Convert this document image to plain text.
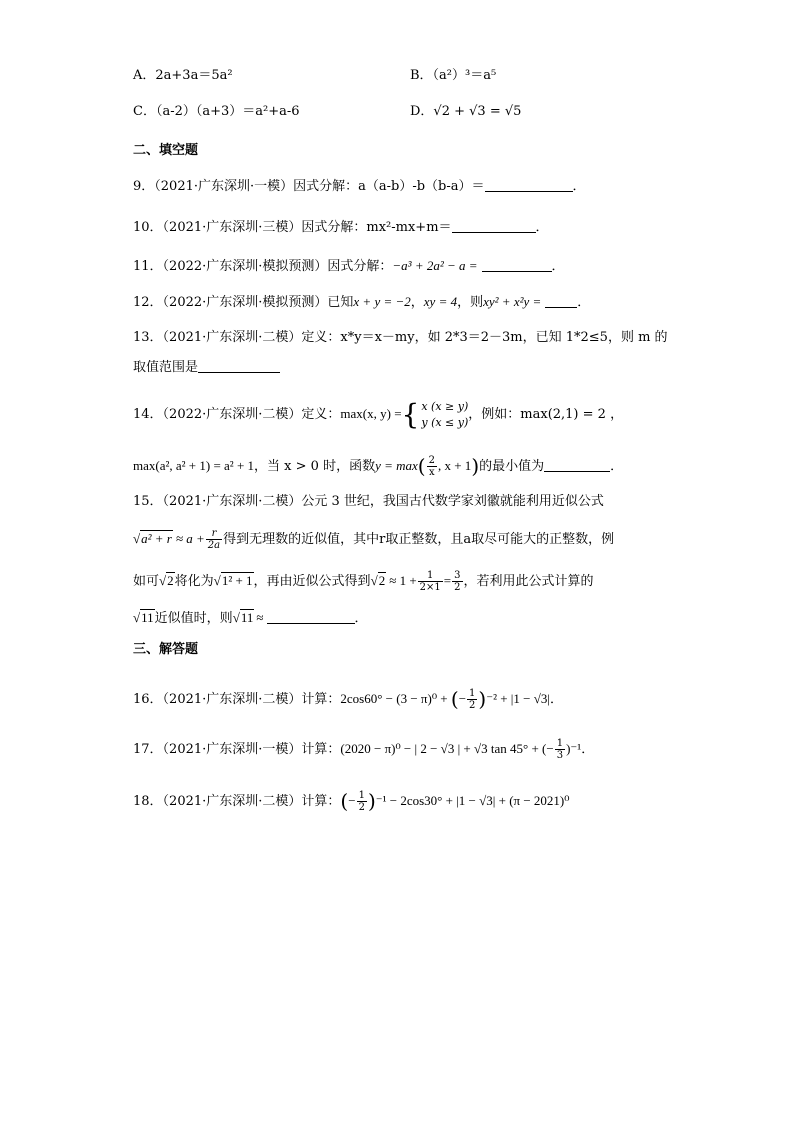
A．2a+3a＝5a²	B．（a²）³＝a⁵
C．（a-2）（a+3）＝a²+a-6	D．√2 + √3 = √5
二、填空题
9．（2021·广东深圳·一模）因式分解：a（a-b）-b（b-a）＝	．
10．（2021·广东深圳·三模）因式分解：mx²-mx+m＝	．
11．（2022·广东深圳·模拟预测）因式分解：−a³ + 2a² − a =	．
12．（2022·广东深圳·模拟预测）已知x + y = −2，xy = 4，则xy² + x²y =	．
13．（2021·广东深圳·二模）定义：x*y＝x－my，如 2*3＝2－3m，已知 1*2≤5，则 m 的
取值范围是
14．（2022·广东深圳·二模）定义：max(x, y) ={ x (x ≥ y)
y (x ≤ y) ，例如：max(2,1) = 2 ，
max(a², a² + 1) = a² + 1，当 x > 0 时，函数$y = \max( \frac{2}{x}$ , x + 1)的最小值为	．
15．（2021·广东深圳·二模）公元 3 世纪，我国古代数学家刘徽就能利用近似公式
$√a^2 + r \approx a + \frac{r}{2a}$ 得到无理数的近似值，其中r取正整数，且a取尽可能大的正整数，例
如可√2将化为√1² + 1，再由近似公式得到$√2 \approx 1 + \frac{1}{2\times 1} = \frac{3}{2}$ ，若利用此公式计算的
√11近似值时，则√11 ≈	．
三、解答题
16．（2021·广东深圳·二模）计算：2cos60° − (3 − π)⁰ + (− $\frac{1}{2} )^{-2} + |1 - √3|$．
17．（2021·广东深圳·一模）计算：(2020 − π)⁰ − | 2 − √3 | + √3 tan 45° + (− $\frac{1}{3} )^{-1}$．
18．（2021·广东深圳·二模）计算：(− $\frac{1}{2} )^{-1} - 2\cos 30^\circ + |1 - √3| + (\pi - 2021)^0$
